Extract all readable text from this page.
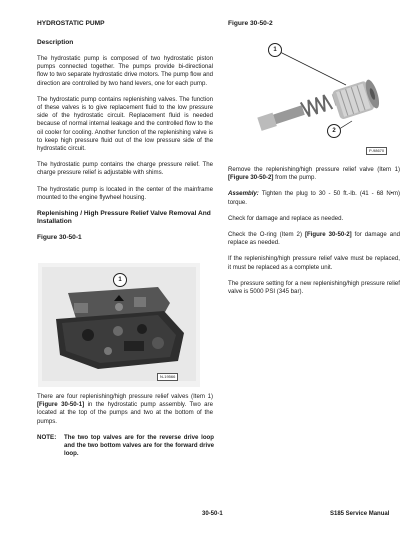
HYDROSTATIC PUMP

Description

The hydrostatic pump is composed of two hydrostatic piston pumps connected together. The pumps provide bi-directional flow to two separate hydrostatic drive motors. The pump flow and direction are controlled by two hand levers, one for each pump.

The hydrostatic pump contains replenishing valves. The function of these valves is to give replacement fluid to the low pressure side of the hydrostatic circuit. Replacement fluid is needed because of normal internal leakage and the controlled flow to the oil cooler for cooling. Another function of the replenishing valve is to keep high pressure fluid out of the low pressure side of the hydrostatic circuit.

The hydrostatic pump contains the charge pressure relief. The charge pressure relief is adjustable with shims.

The hydrostatic pump is located in the center of the mainframe mounted to the engine flywheel housing.

Replenishing / High Pressure Relief Valve Removal And Installation

Figure 30-50-1

1
N-19566

There are four replenishing/high pressure relief valves (Item 1) [Figure 30-50-1] in the hydrostatic pump assembly. Two are located at the top of the pumps and two at the bottom of the pumps.

NOTE: The two top valves are for the reverse drive loop and the two bottom valves are for the forward drive loop.

Figure 30-50-2

1
2
P-98670

Remove the replenishing/high pressure relief valve (Item 1) [Figure 30-50-2] from the pump.

Assembly: Tighten the plug to 30 - 50 ft.-lb. (41 - 68 N•m) torque.

Check for damage and replace as needed.

Check the O-ring (Item 2) [Figure 30-50-2] for damage and replace as needed.

If the replenishing/high pressure relief valve must be replaced, it must be replaced as a complete unit.

The pressure setting for a new replenishing/high pressure relief valve is 5000 PSI (345 bar).

30-50-1	S185 Service Manual
